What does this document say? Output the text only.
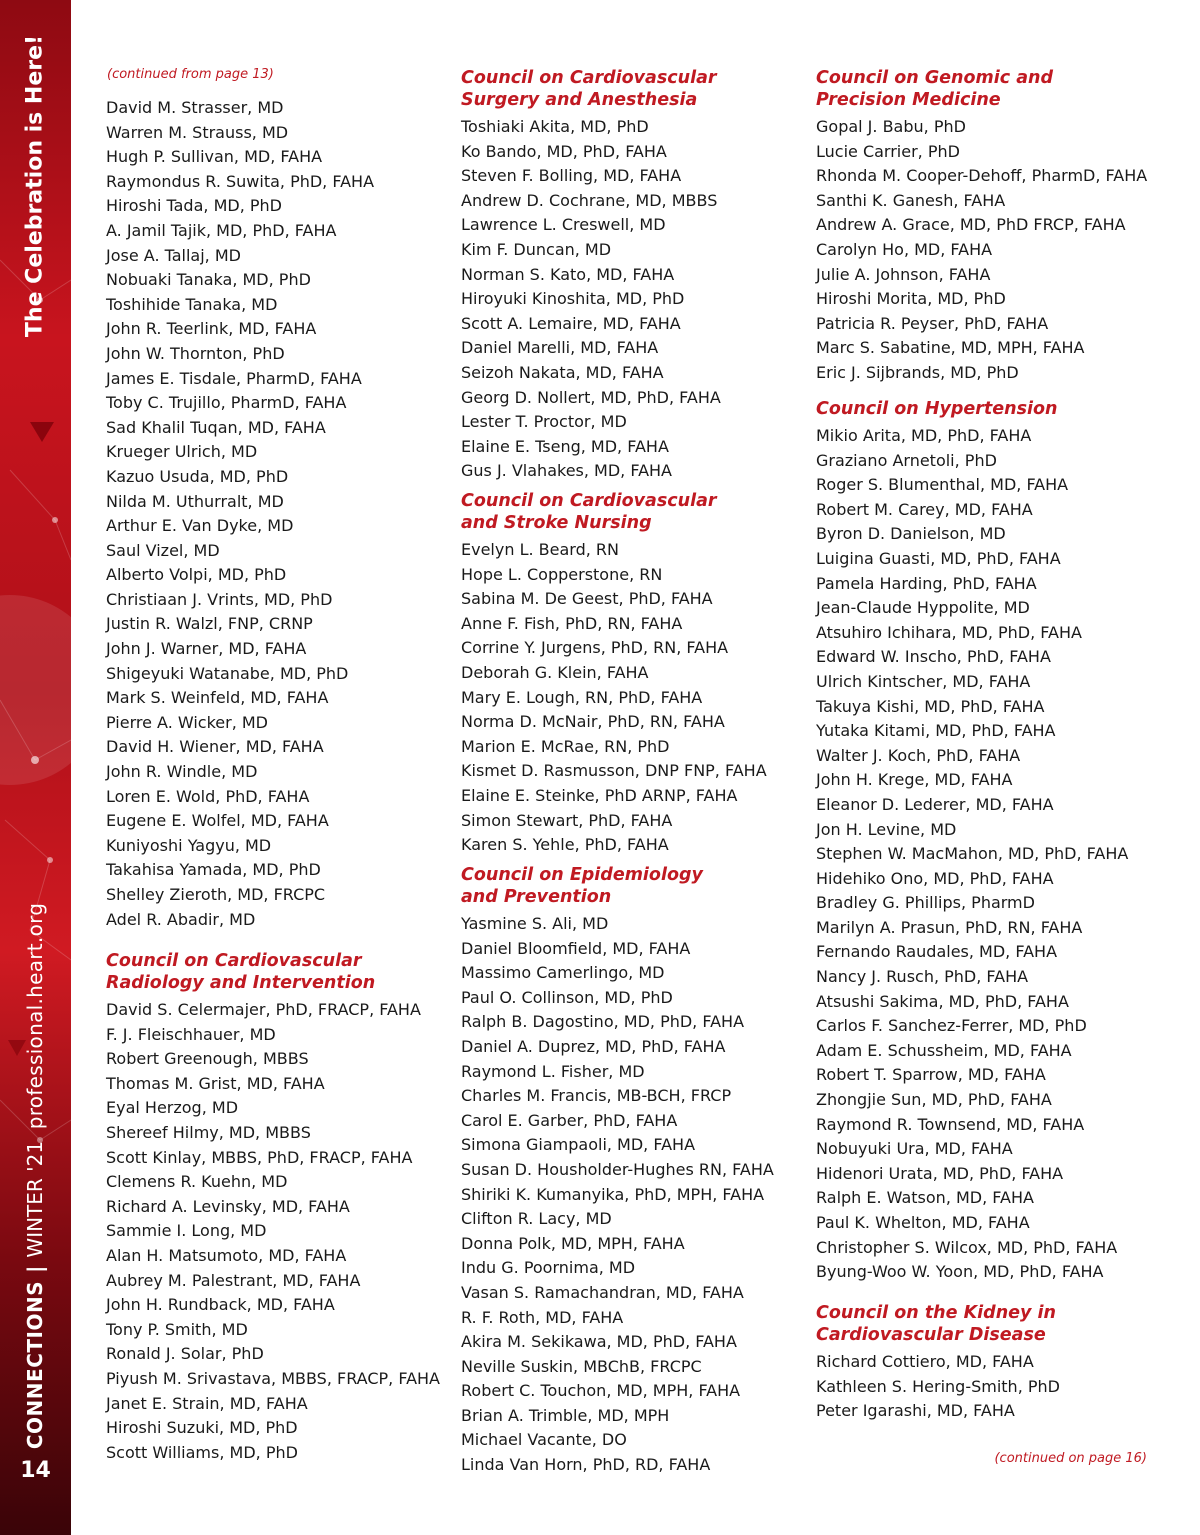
The Celebration is Here!
professional.heart.org
CONNECTIONS|WINTER '21
14
(continued from page 13)
David M. Strasser, MD
Warren M. Strauss, MD
Hugh P. Sullivan, MD, FAHA
Raymondus R. Suwita, PhD, FAHA
Hiroshi Tada, MD, PhD
A. Jamil Tajik, MD, PhD, FAHA
Jose A. Tallaj, MD
Nobuaki Tanaka, MD, PhD
Toshihide Tanaka, MD
John R. Teerlink, MD, FAHA
John W. Thornton, PhD
James E. Tisdale, PharmD, FAHA
Toby C. Trujillo, PharmD, FAHA
Sad Khalil Tuqan, MD, FAHA
Krueger Ulrich, MD
Kazuo Usuda, MD, PhD
Nilda M. Uthurralt, MD
Arthur E. Van Dyke, MD
Saul Vizel, MD
Alberto Volpi, MD, PhD
Christiaan J. Vrints, MD, PhD
Justin R. Walzl, FNP, CRNP
John J. Warner, MD, FAHA
Shigeyuki Watanabe, MD, PhD
Mark S. Weinfeld, MD, FAHA
Pierre A. Wicker, MD
David H. Wiener, MD, FAHA
John R. Windle, MD
Loren E. Wold, PhD, FAHA
Eugene E. Wolfel, MD, FAHA
Kuniyoshi Yagyu, MD
Takahisa Yamada, MD, PhD
Shelley Zieroth, MD, FRCPC
Adel R. Abadir, MD
Council on Cardiovascular
Radiology and Intervention
David S. Celermajer, PhD, FRACP, FAHA
F. J. Fleischhauer, MD
Robert Greenough, MBBS
Thomas M. Grist, MD, FAHA
Eyal Herzog, MD
Shereef Hilmy, MD, MBBS
Scott Kinlay, MBBS, PhD, FRACP, FAHA
Clemens R. Kuehn, MD
Richard A. Levinsky, MD, FAHA
Sammie I. Long, MD
Alan H. Matsumoto, MD, FAHA
Aubrey M. Palestrant, MD, FAHA
John H. Rundback, MD, FAHA
Tony P. Smith, MD
Ronald J. Solar, PhD
Piyush M. Srivastava, MBBS, FRACP, FAHA
Janet E. Strain, MD, FAHA
Hiroshi Suzuki, MD, PhD
Scott Williams, MD, PhD
Council on Cardiovascular
Surgery and Anesthesia
Toshiaki Akita, MD, PhD
Ko Bando, MD, PhD, FAHA
Steven F. Bolling, MD, FAHA
Andrew D. Cochrane, MD, MBBS
Lawrence L. Creswell, MD
Kim F. Duncan, MD
Norman S. Kato, MD, FAHA
Hiroyuki Kinoshita, MD, PhD
Scott A. Lemaire, MD, FAHA
Daniel Marelli, MD, FAHA
Seizoh Nakata, MD, FAHA
Georg D. Nollert, MD, PhD, FAHA
Lester T. Proctor, MD
Elaine E. Tseng, MD, FAHA
Gus J. Vlahakes, MD, FAHA
Council on Cardiovascular
and Stroke Nursing
Evelyn L. Beard, RN
Hope L. Copperstone, RN
Sabina M. De Geest, PhD, FAHA
Anne F. Fish, PhD, RN, FAHA
Corrine Y. Jurgens, PhD, RN, FAHA
Deborah G. Klein, FAHA
Mary E. Lough, RN, PhD, FAHA
Norma D. McNair, PhD, RN, FAHA
Marion E. McRae, RN, PhD
Kismet D. Rasmusson, DNP FNP, FAHA
Elaine E. Steinke, PhD ARNP, FAHA
Simon Stewart, PhD, FAHA
Karen S. Yehle, PhD, FAHA
Council on Epidemiology
and Prevention
Yasmine S. Ali, MD
Daniel Bloomfield, MD, FAHA
Massimo Camerlingo, MD
Paul O. Collinson, MD, PhD
Ralph B. Dagostino, MD, PhD, FAHA
Daniel A. Duprez, MD, PhD, FAHA
Raymond L. Fisher, MD
Charles M. Francis, MB-BCH, FRCP
Carol E. Garber, PhD, FAHA
Simona Giampaoli, MD, FAHA
Susan D. Housholder-Hughes RN, FAHA
Shiriki K. Kumanyika, PhD, MPH, FAHA
Clifton R. Lacy, MD
Donna Polk, MD, MPH, FAHA
Indu G. Poornima, MD
Vasan S. Ramachandran, MD, FAHA
R. F. Roth, MD, FAHA
Akira M. Sekikawa, MD, PhD, FAHA
Neville Suskin, MBChB, FRCPC
Robert C. Touchon, MD, MPH, FAHA
Brian A. Trimble, MD, MPH
Michael Vacante, DO
Linda Van Horn, PhD, RD, FAHA
Council on Genomic and
Precision Medicine
Gopal J. Babu, PhD
Lucie Carrier, PhD
Rhonda M. Cooper-Dehoff, PharmD, FAHA
Santhi K. Ganesh, FAHA
Andrew A. Grace, MD, PhD FRCP, FAHA
Carolyn Ho, MD, FAHA
Julie A. Johnson, FAHA
Hiroshi Morita, MD, PhD
Patricia R. Peyser, PhD, FAHA
Marc S. Sabatine, MD, MPH, FAHA
Eric J. Sijbrands, MD, PhD
Council on Hypertension
Mikio Arita, MD, PhD, FAHA
Graziano Arnetoli, PhD
Roger S. Blumenthal, MD, FAHA
Robert M. Carey, MD, FAHA
Byron D. Danielson, MD
Luigina Guasti, MD, PhD, FAHA
Pamela Harding, PhD, FAHA
Jean-Claude Hyppolite, MD
Atsuhiro Ichihara, MD, PhD, FAHA
Edward W. Inscho, PhD, FAHA
Ulrich Kintscher, MD, FAHA
Takuya Kishi, MD, PhD, FAHA
Yutaka Kitami, MD, PhD, FAHA
Walter J. Koch, PhD, FAHA
John H. Krege, MD, FAHA
Eleanor D. Lederer, MD, FAHA
Jon H. Levine, MD
Stephen W. MacMahon, MD, PhD, FAHA
Hidehiko Ono, MD, PhD, FAHA
Bradley G. Phillips, PharmD
Marilyn A. Prasun, PhD, RN, FAHA
Fernando Raudales, MD, FAHA
Nancy J. Rusch, PhD, FAHA
Atsushi Sakima, MD, PhD, FAHA
Carlos F. Sanchez-Ferrer, MD, PhD
Adam E. Schussheim, MD, FAHA
Robert T. Sparrow, MD, FAHA
Zhongjie Sun, MD, PhD, FAHA
Raymond R. Townsend, MD, FAHA
Nobuyuki Ura, MD, FAHA
Hidenori Urata, MD, PhD, FAHA
Ralph E. Watson, MD, FAHA
Paul K. Whelton, MD, FAHA
Christopher S. Wilcox, MD, PhD, FAHA
Byung-Woo W. Yoon, MD, PhD, FAHA
Council on the Kidney in
Cardiovascular Disease
Richard Cottiero, MD, FAHA
Kathleen S. Hering-Smith, PhD
Peter Igarashi, MD, FAHA
(continued on page 16)
